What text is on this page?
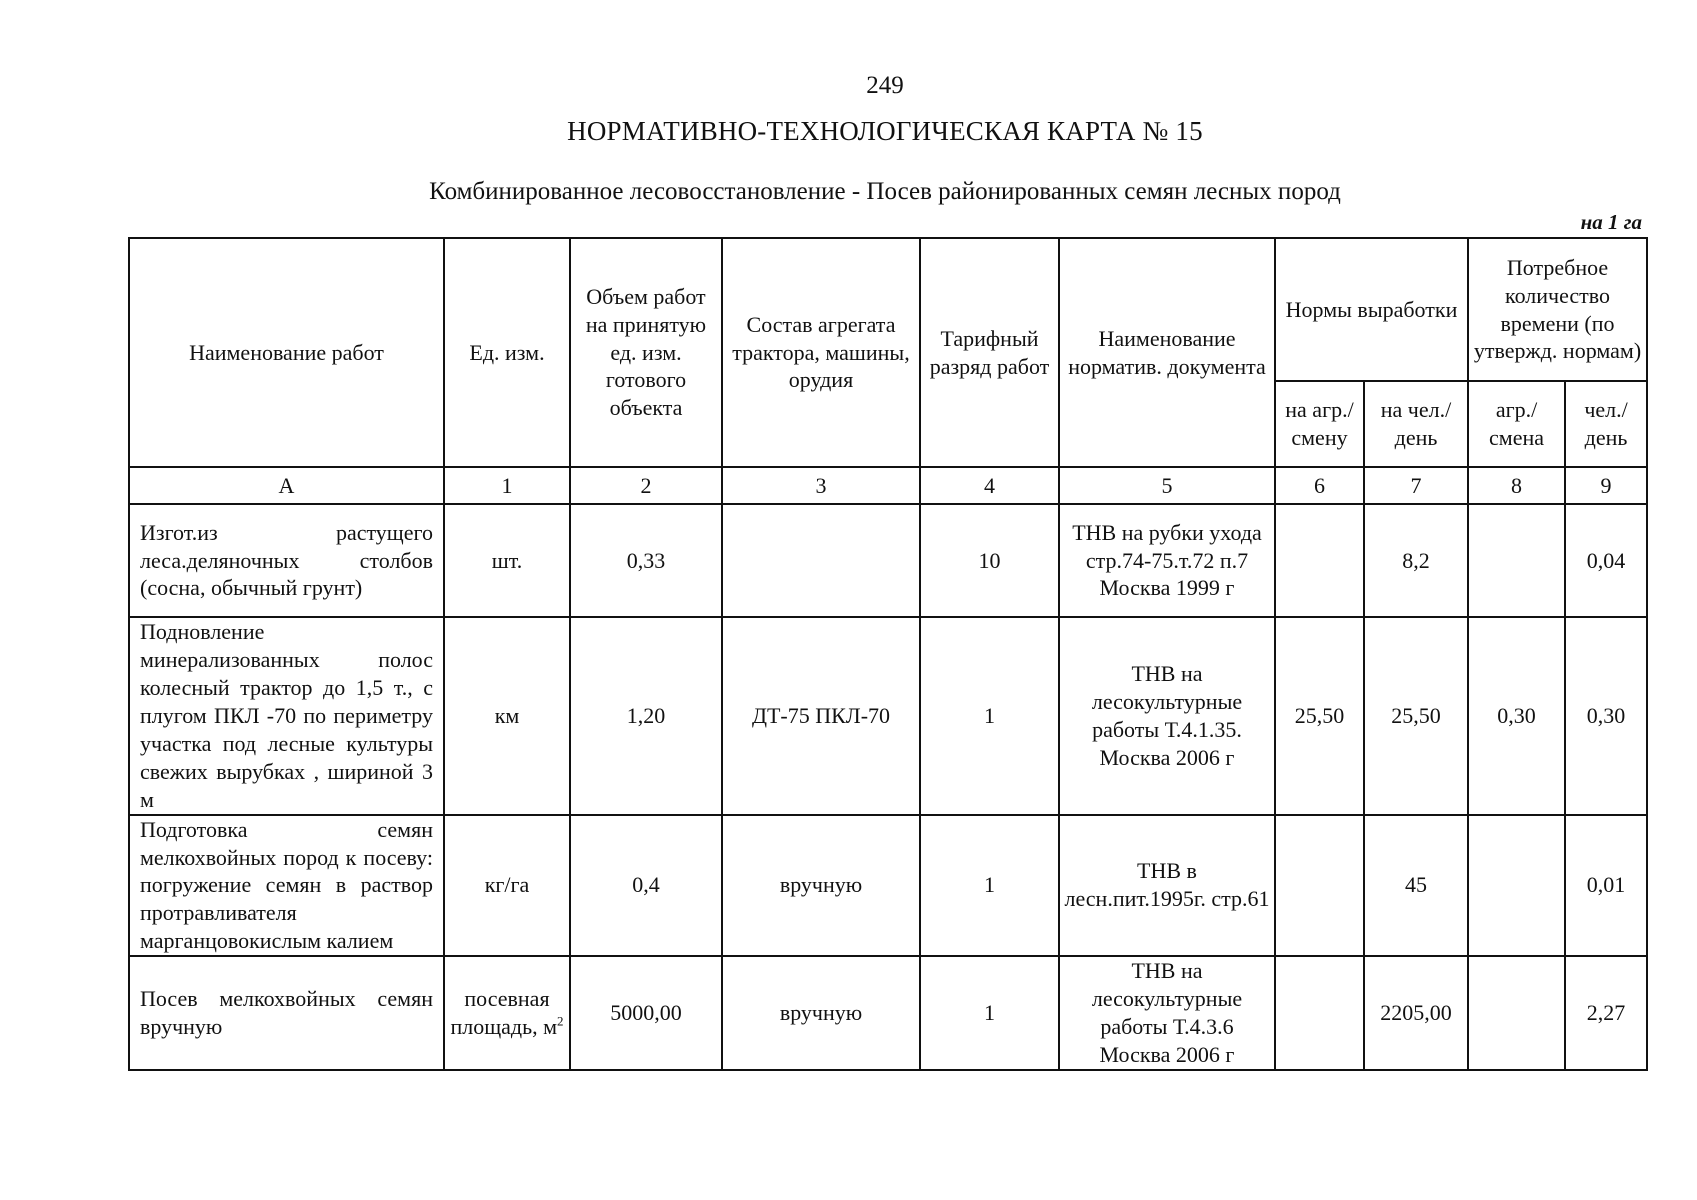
249
НОРМАТИВНО-ТЕХНОЛОГИЧЕСКАЯ КАРТА № 15
Комбинированное лесовосстановление - Посев районированных семян лесных пород
на 1 га
Наименование работ	Ед. изм.	Объем работ на принятую ед. изм. готового объекта	Состав агрегата трактора, машины, орудия	Тарифный разряд работ	Наименование норматив. документа	Нормы выработки		Потребное количество времени (по утвержд. нормам)	
						на агр./ смену	на чел./ день	агр./ смена	чел./ день
А	1	2	3	4	5	6	7	8	9
Изгот.из растущего леса.деляночных столбов (сосна, обычный грунт)	шт.	0,33		10	ТНВ на рубки ухода стр.74-75.т.72 п.7 Москва 1999 г		8,2		0,04
Подновление минерализованных полос колесный трактор до 1,5 т., с плугом ПКЛ -70 по периметру участка под лесные культуры свежих вырубках , шириной 3 м	км	1,20	ДТ-75 ПКЛ-70	1	ТНВ на лесокультурные работы Т.4.1.35. Москва 2006 г	25,50	25,50	0,30	0,30
Подготовка семян мелкохвойных пород к посеву: погружение семян в раствор протравливателя марганцовокислым калием	кг/га	0,4	вручную	1	ТНВ в лесн.пит.1995г. стр.61		45		0,01
Посев мелкохвойных семян вручную	посевная площадь, $м^2$	5000,00	вручную	1	ТНВ на лесокультурные работы Т.4.3.6 Москва 2006 г		2205,00		2,27
